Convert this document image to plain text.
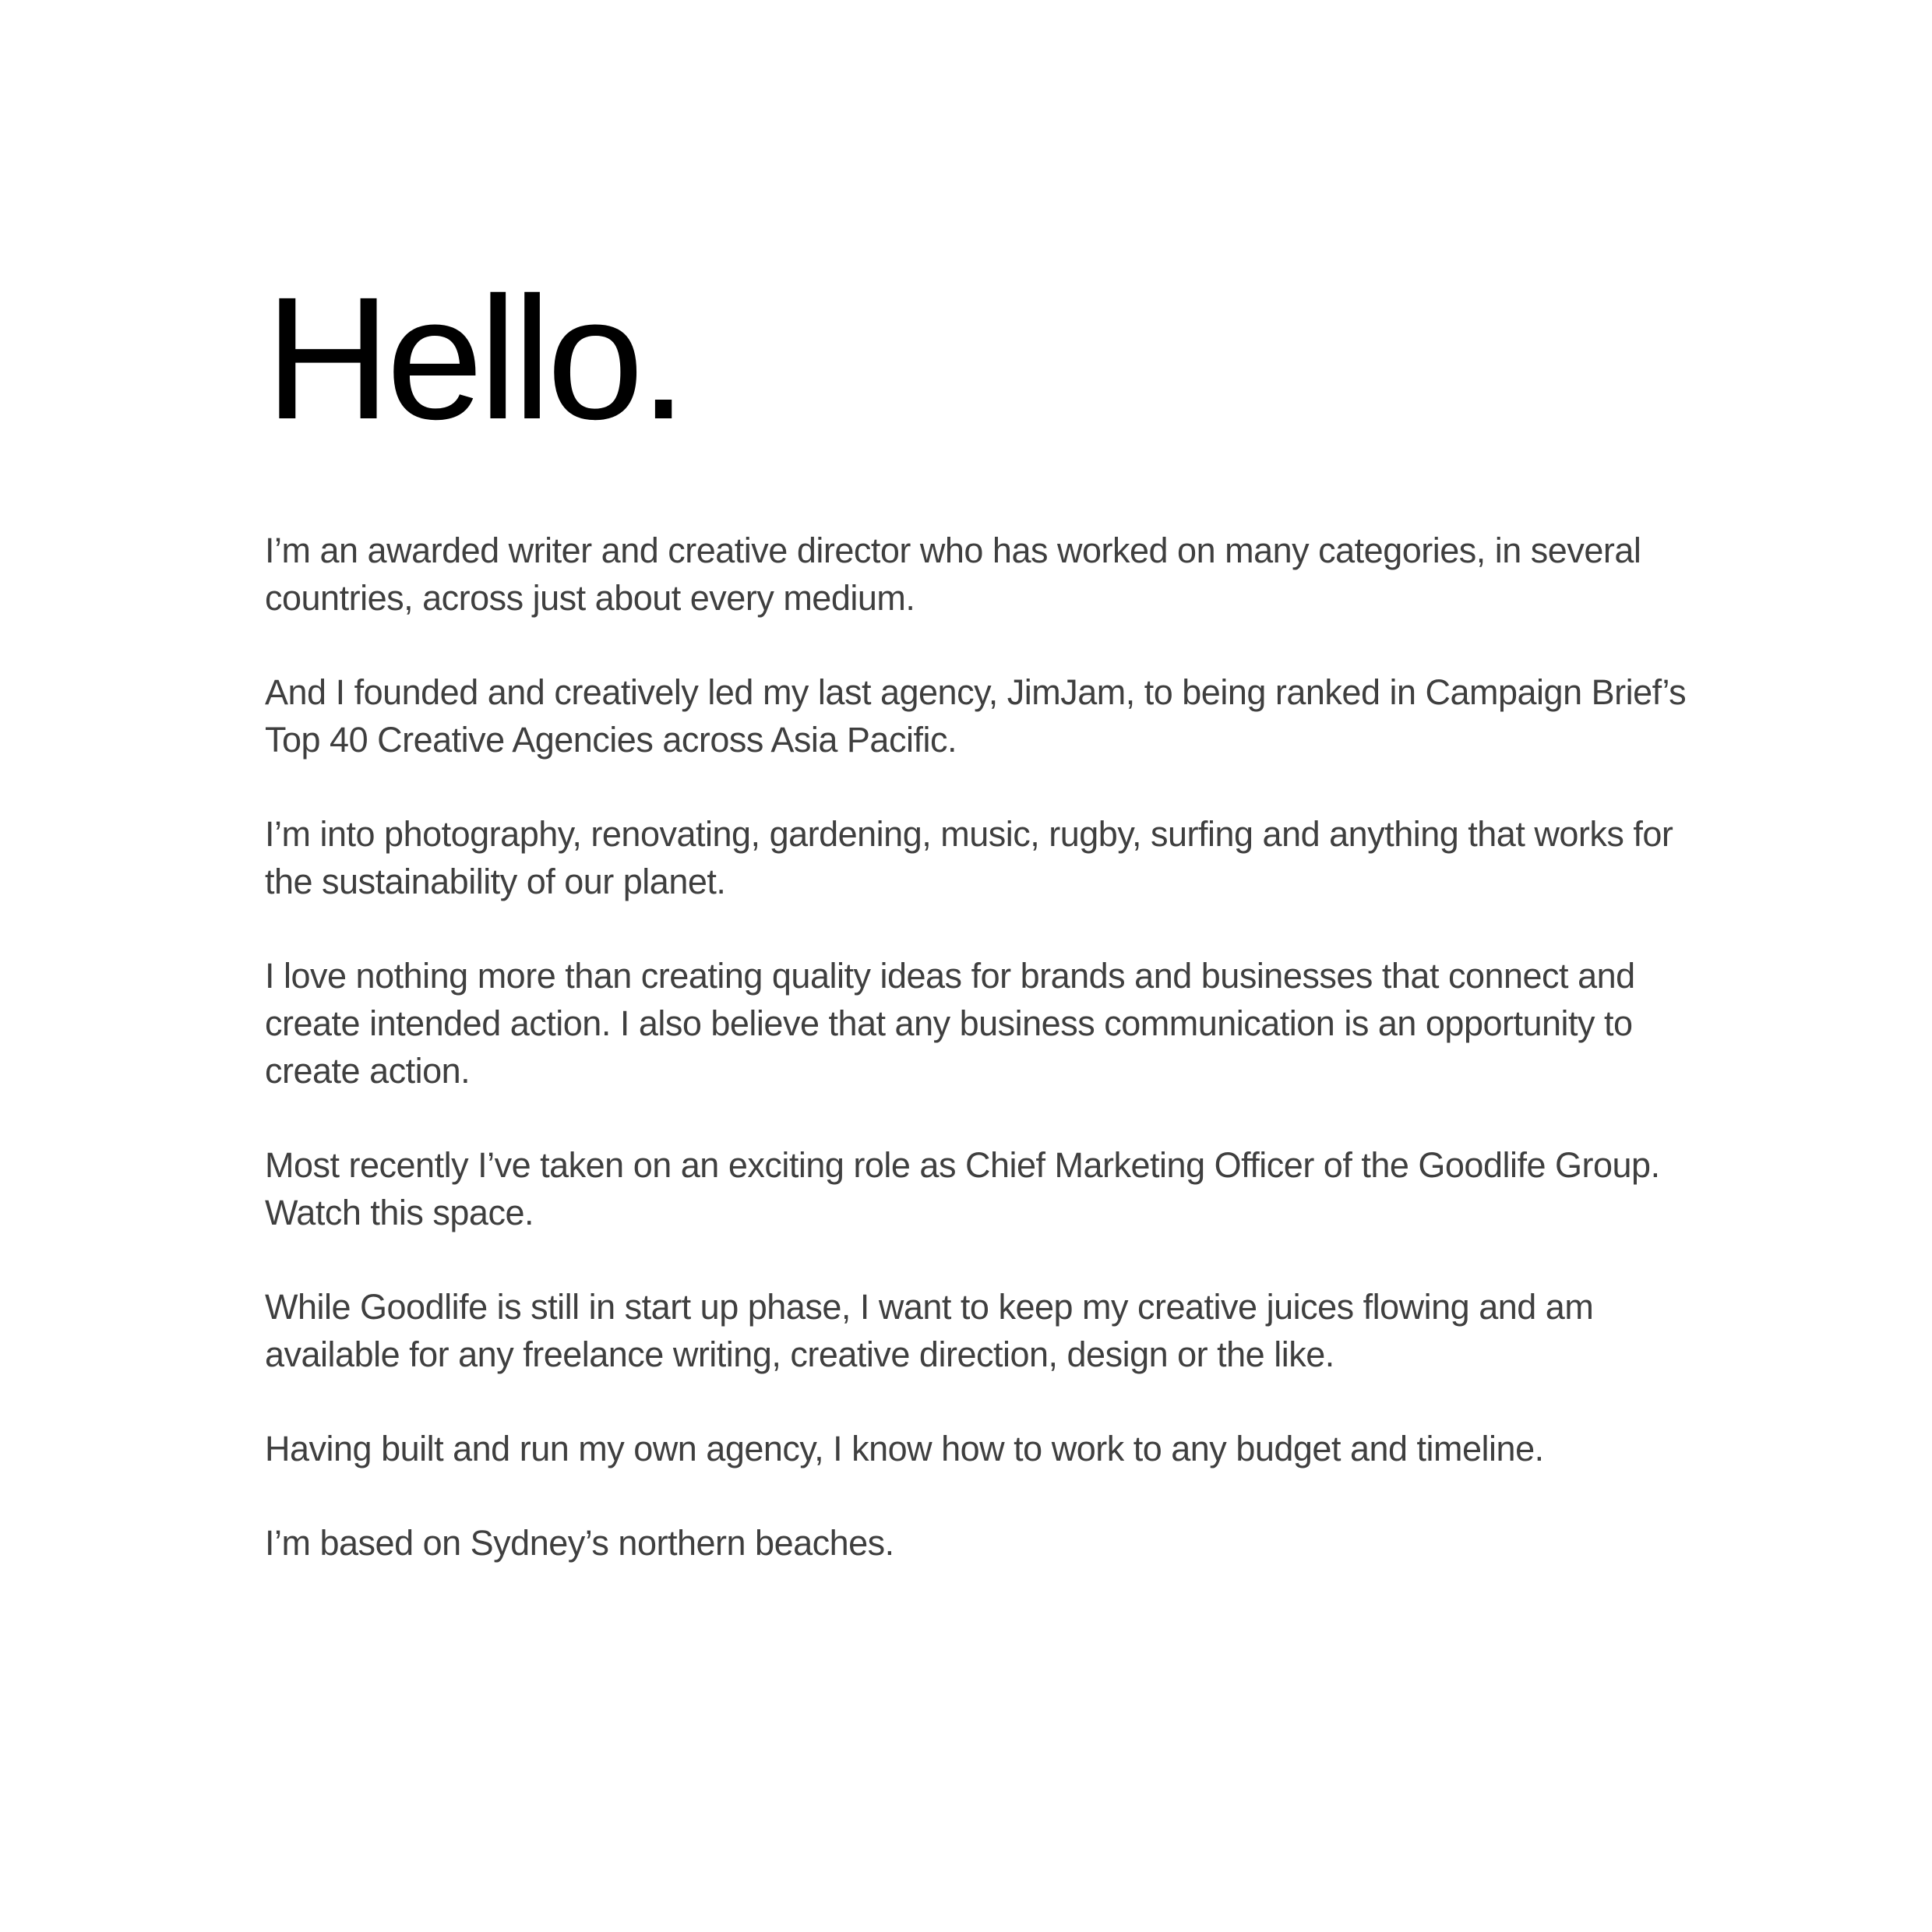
Hello.

I’m an awarded writer and creative director who has worked on many categories, in several countries, across just about every medium.

And I founded and creatively led my last agency, JimJam, to being ranked in Campaign Brief’s Top 40 Creative Agencies across Asia Pacific.

I’m into photography, renovating, gardening, music, rugby, surfing and anything that works for the sustainability of our planet.

I love nothing more than creating quality ideas for brands and businesses that connect and create intended action. I also believe that any business communication is an opportunity to create action.

Most recently I’ve taken on an exciting role as Chief Marketing Officer of the Goodlife Group. Watch this space.

While Goodlife is still in start up phase, I want to keep my creative juices flowing and am available for any freelance writing, creative direction, design or the like.

Having built and run my own agency, I know how to work to any budget and timeline.

I’m based on Sydney’s northern beaches.
